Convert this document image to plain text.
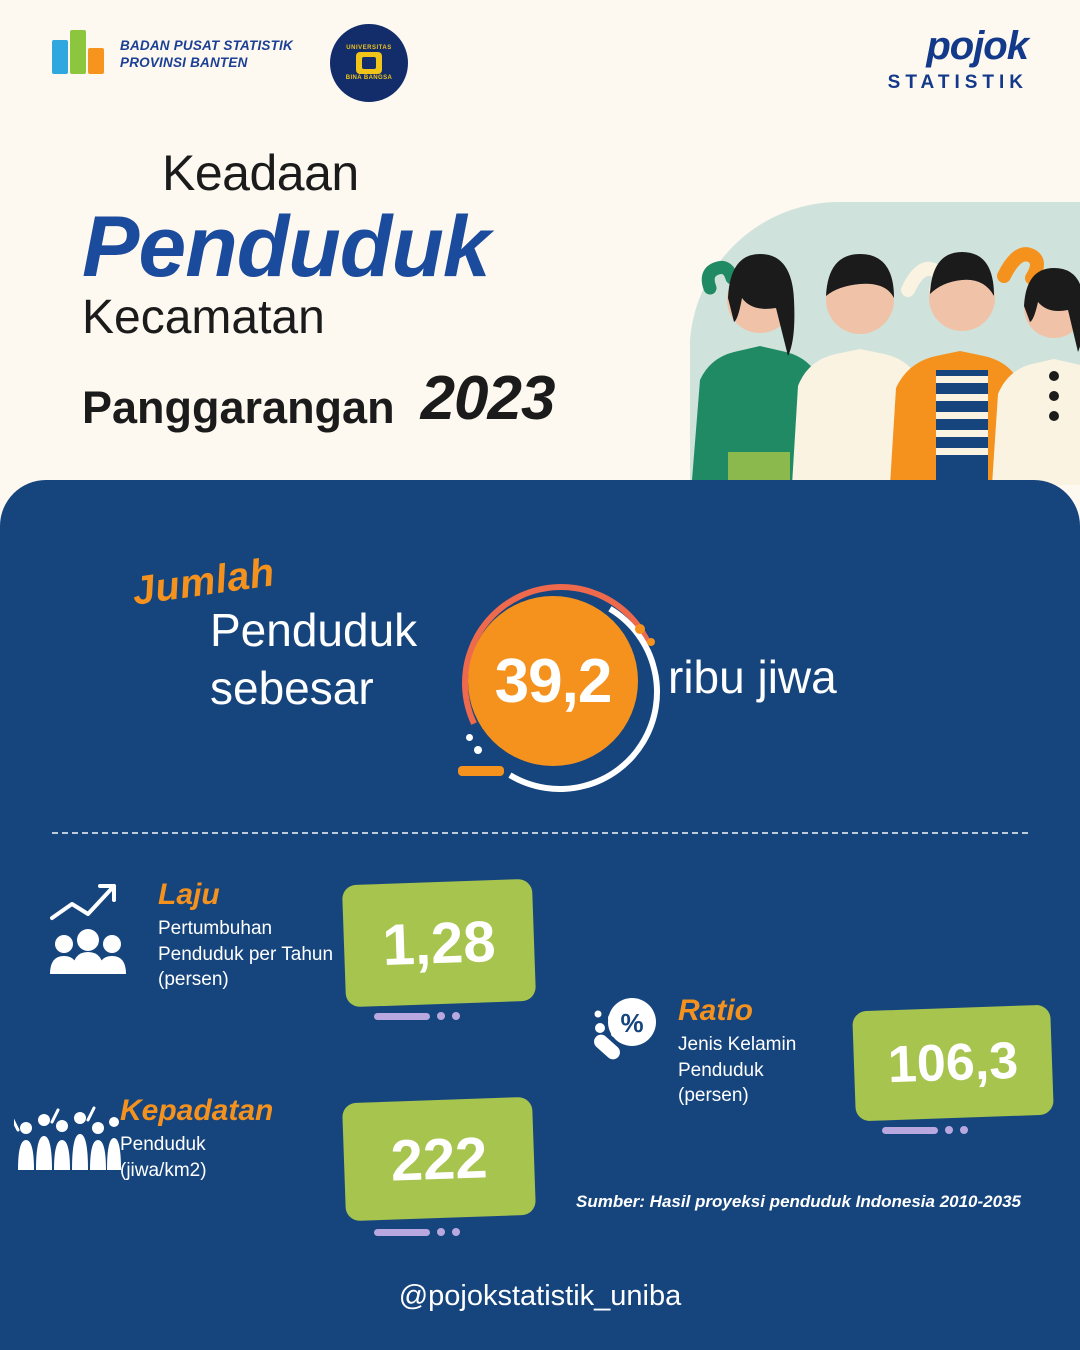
BADAN PUSAT STATISTIK
PROVINSI BANTEN
UNIVERSITAS
BINA BANGSA
pojok
STATISTIK
Keadaan
Penduduk
Kecamatan
Panggarangan 2023
Jumlah
Penduduk
sebesar	39,2	ribu jiwa
Laju
Pertumbuhan
Penduduk per Tahun
(persen)
1,28
% Ratio
Jenis Kelamin
Penduduk
(persen)
106,3
Kepadatan
Penduduk
(jiwa/km2)	222
Sumber: Hasil proyeksi penduduk Indonesia 2010-2035
@pojokstatistik_uniba
